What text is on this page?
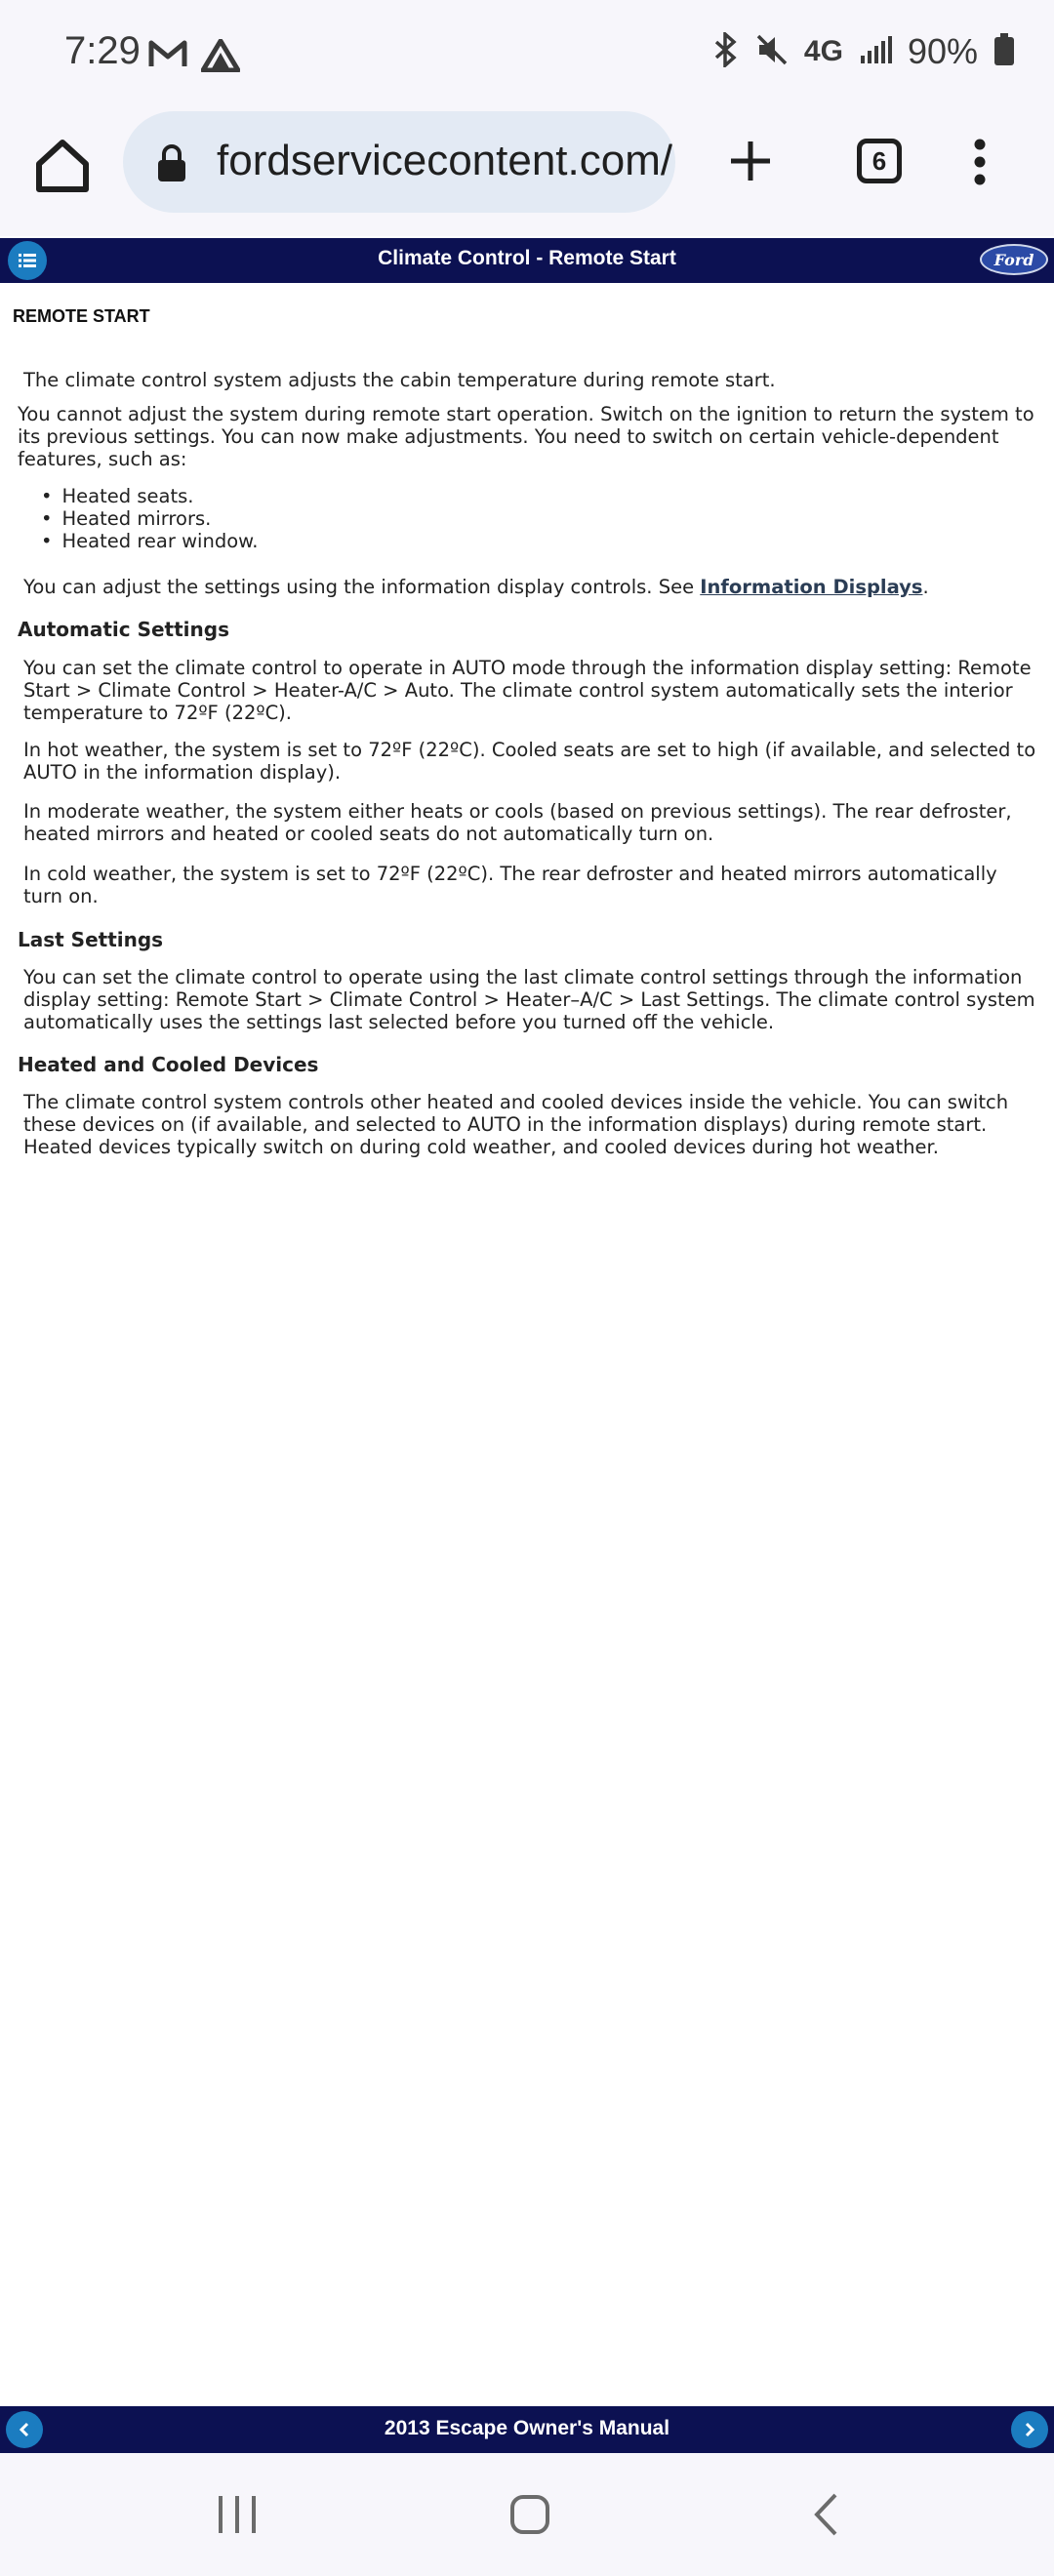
7:29	4G 90%
fordservicecontent.com/	6
Climate Control - Remote Start	Ford
REMOTE START

The climate control system adjusts the cabin temperature during remote start.

You cannot adjust the system during remote start operation. Switch on the ignition to return the system to its previous settings. You can now make adjustments. You need to switch on certain vehicle-dependent features, such as:

• Heated seats.
• Heated mirrors.
• Heated rear window.

You can adjust the settings using the information display controls. See Information Displays.

Automatic Settings

You can set the climate control to operate in AUTO mode through the information display setting: Remote Start > Climate Control > Heater-A/C > Auto. The climate control system automatically sets the interior temperature to 72ºF (22ºC).

In hot weather, the system is set to 72ºF (22ºC). Cooled seats are set to high (if available, and selected to AUTO in the information display).

In moderate weather, the system either heats or cools (based on previous settings). The rear defroster, heated mirrors and heated or cooled seats do not automatically turn on.

In cold weather, the system is set to 72ºF (22ºC). The rear defroster and heated mirrors automatically turn on.

Last Settings

You can set the climate control to operate using the last climate control settings through the information display setting: Remote Start > Climate Control > Heater–A/C > Last Settings. The climate control system automatically uses the settings last selected before you turned off the vehicle.

Heated and Cooled Devices

The climate control system controls other heated and cooled devices inside the vehicle. You can switch these devices on (if available, and selected to AUTO in the information displays) during remote start. Heated devices typically switch on during cold weather, and cooled devices during hot weather.

2013 Escape Owner's Manual
